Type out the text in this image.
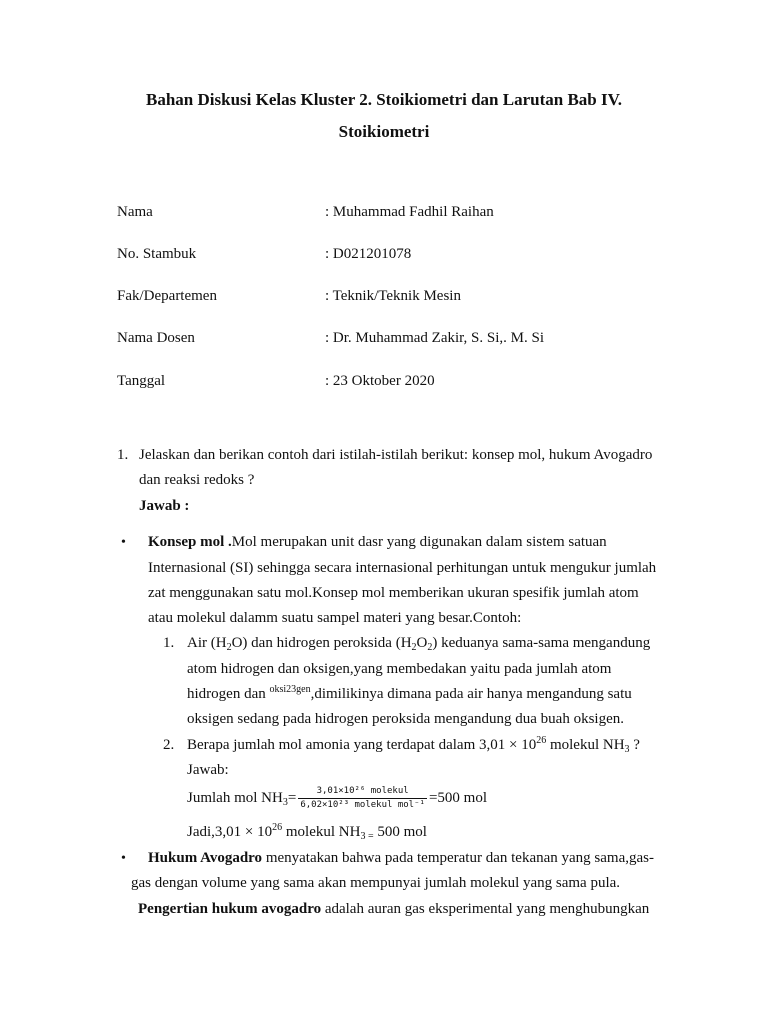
Bahan Diskusi Kelas Kluster 2. Stoikiometri dan Larutan Bab IV.
Stoikiometri
Nama	: Muhammad Fadhil Raihan
No. Stambuk	: D021201078
Fak/Departemen	: Teknik/Teknik Mesin
Nama Dosen	: Dr. Muhammad Zakir, S. Si,. M. Si
Tanggal	: 23 Oktober 2020
1. Jelaskan dan berikan contoh dari istilah-istilah berikut: konsep mol, hukum Avogadro
dan reaksi redoks ?
Jawab :
• Konsep mol .Mol merupakan unit dasr yang digunakan dalam sistem satuan
Internasional (SI) sehingga secara internasional perhitungan untuk mengukur jumlah
zat menggunakan satu mol.Konsep mol memberikan ukuran spesifik jumlah atom
atau molekul dalamm suatu sampel materi yang besar.Contoh:
1. Air $(H_2O)$ dan hidrogen peroksida $(H_2O_2)$ keduanya sama-sama mengandung
atom hidrogen dan oksigen,yang membedakan yaitu pada jumlah atom
hidrogen dan $^{oksi23gen}$,dimilikinya dimana pada air hanya mengandung satu
oksigen sedang pada hidrogen peroksida mengandung dua buah oksigen.
2. Berapa jumlah mol amonia yang terdapat dalam $3,01 \times 10^{26}$ molekul $NH_3$ ?
Jawab:
Jumlah mol $NH_3= \frac{\text{3,01×10²⁶ molekul}}{\text{6,02×10²³ molekul mol⁻¹}} =500$ mol
Jadi,3,01 × $10^{26}$ molekul $NH_{3 =}$ 500 mol
• Hukum Avogadro menyatakan bahwa pada temperatur dan tekanan yang sama,gas-
gas dengan volume yang sama akan mempunyai jumlah molekul yang sama pula.
Pengertian hukum avogadro adalah auran gas eksperimental yang menghubungkan
